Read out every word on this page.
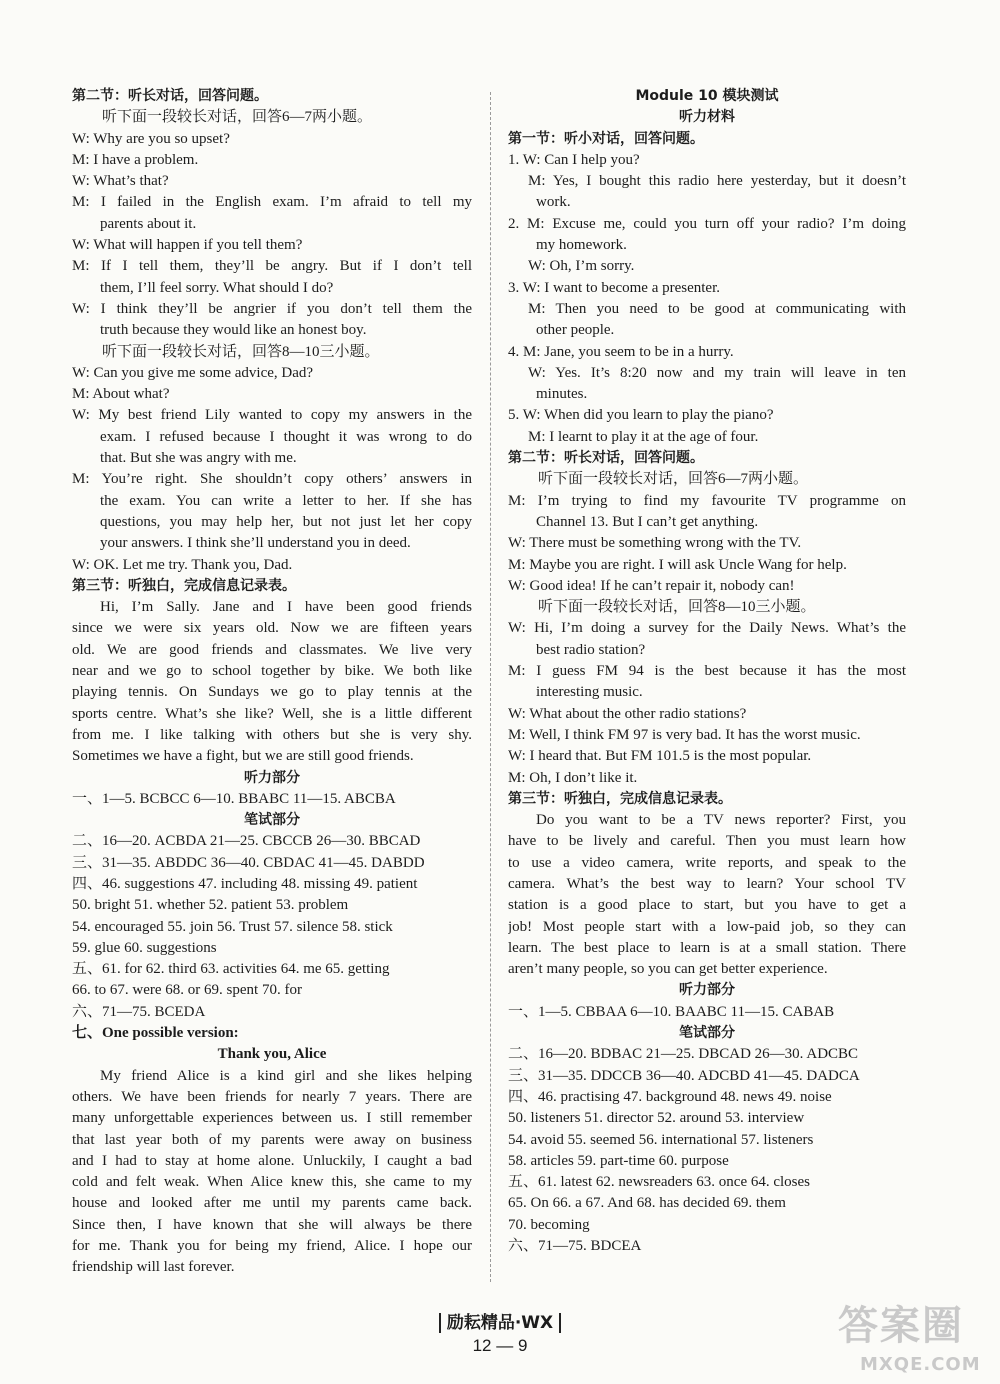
第二节：听长对话，回答问题。
听下面一段较长对话，回答6—7两小题。
W: Why are you so upset?
M: I have a problem.
W: What’s that?
M: I failed in the English exam. I’m afraid to tell my
parents about it.
W: What will happen if you tell them?
M: If I tell them, they’ll be angry. But if I don’t tell
them, I’ll feel sorry. What should I do?
W: I think they’ll be angrier if you don’t tell them the
truth because they would like an honest boy.
听下面一段较长对话，回答8—10三小题。
W: Can you give me some advice, Dad?
M: About what?
W: My best friend Lily wanted to copy my answers in the
exam. I refused because I thought it was wrong to do
that. But she was angry with me.
M: You’re right. She shouldn’t copy others’ answers in
the exam. You can write a letter to her. If she has
questions, you may help her, but not just let her copy
your answers. I think she’ll understand you in deed.
W: OK. Let me try. Thank you, Dad.
第三节：听独白，完成信息记录表。
Hi, I’m Sally. Jane and I have been good friends
since we were six years old. Now we are fifteen years
old. We are good friends and classmates. We live very
near and we go to school together by bike. We both like
playing tennis. On Sundays we go to play tennis at the
sports centre. What’s she like? Well, she is a little different
from me. I like talking with others but she is very shy.
Sometimes we have a fight, but we are still good friends.
听力部分
一、1—5. BCBCC 6—10. BBABC 11—15. ABCBA
笔试部分
二、16—20. ACBDA 21—25. CBCCB 26—30. BBCAD
三、31—35. ABDDC 36—40. CBDAC 41—45. DABDD
四、46. suggestions 47. including 48. missing 49. patient
50. bright 51. whether 52. patient 53. problem
54. encouraged 55. join 56. Trust 57. silence 58. stick
59. glue 60. suggestions
五、61. for 62. third 63. activities 64. me 65. getting
66. to 67. were 68. or 69. spent 70. for
六、71—75. BCEDA
七、One possible version:
Thank you, Alice
My friend Alice is a kind girl and she likes helping
others. We have been friends for nearly 7 years. There are
many unforgettable experiences between us. I still remember
that last year both of my parents were away on business
and I had to stay at home alone. Unluckily, I caught a bad
cold and felt weak. When Alice knew this, she came to my
house and looked after me until my parents came back.
Since then, I have known that she will always be there
for me. Thank you for being my friend, Alice. I hope our
friendship will last forever.
Module 10 模块测试
听力材料
第一节：听小对话，回答问题。
1. W: Can I help you?
M: Yes, I bought this radio here yesterday, but it doesn’t
work.
2. M: Excuse me, could you turn off your radio? I’m doing
my homework.
W: Oh, I’m sorry.
3. W: I want to become a presenter.
M: Then you need to be good at communicating with
other people.
4. M: Jane, you seem to be in a hurry.
W: Yes. It’s 8:20 now and my train will leave in ten
minutes.
5. W: When did you learn to play the piano?
M: I learnt to play it at the age of four.
第二节：听长对话，回答问题。
听下面一段较长对话，回答6—7两小题。
M: I’m trying to find my favourite TV programme on
Channel 13. But I can’t get anything.
W: There must be something wrong with the TV.
M: Maybe you are right. I will ask Uncle Wang for help.
W: Good idea! If he can’t repair it, nobody can!
听下面一段较长对话，回答8—10三小题。
W: Hi, I’m doing a survey for the Daily News. What’s the
best radio station?
M: I guess FM 94 is the best because it has the most
interesting music.
W: What about the other radio stations?
M: Well, I think FM 97 is very bad. It has the worst music.
W: I heard that. But FM 101.5 is the most popular.
M: Oh, I don’t like it.
第三节：听独白，完成信息记录表。
Do you want to be a TV news reporter? First, you
have to be lively and careful. Then you must learn how
to use a video camera, write reports, and speak to the
camera. What’s the best way to learn? Your school TV
station is a good place to start, but you have to get a
job! Most people start with a low-paid job, so they can
learn. The best place to learn is at a small station. There
aren’t many people, so you can get better experience.
听力部分
一、1—5. CBBAA 6—10. BAABC 11—15. CABAB
笔试部分
二、16—20. BDBAC 21—25. DBCAD 26—30. ADCBC
三、31—35. DDCCB 36—40. ADCBD 41—45. DADCA
四、46. practising 47. background 48. news 49. noise
50. listeners 51. director 52. around 53. interview
54. avoid 55. seemed 56. international 57. listeners
58. articles 59. part-time 60. purpose
五、61. latest 62. newsreaders 63. once 64. closes
65. On 66. a 67. And 68. has decided 69. them
70. becoming
六、71—75. BDCEA
励耘精品·WX
12 — 9	答案圈
MXQE.COM
